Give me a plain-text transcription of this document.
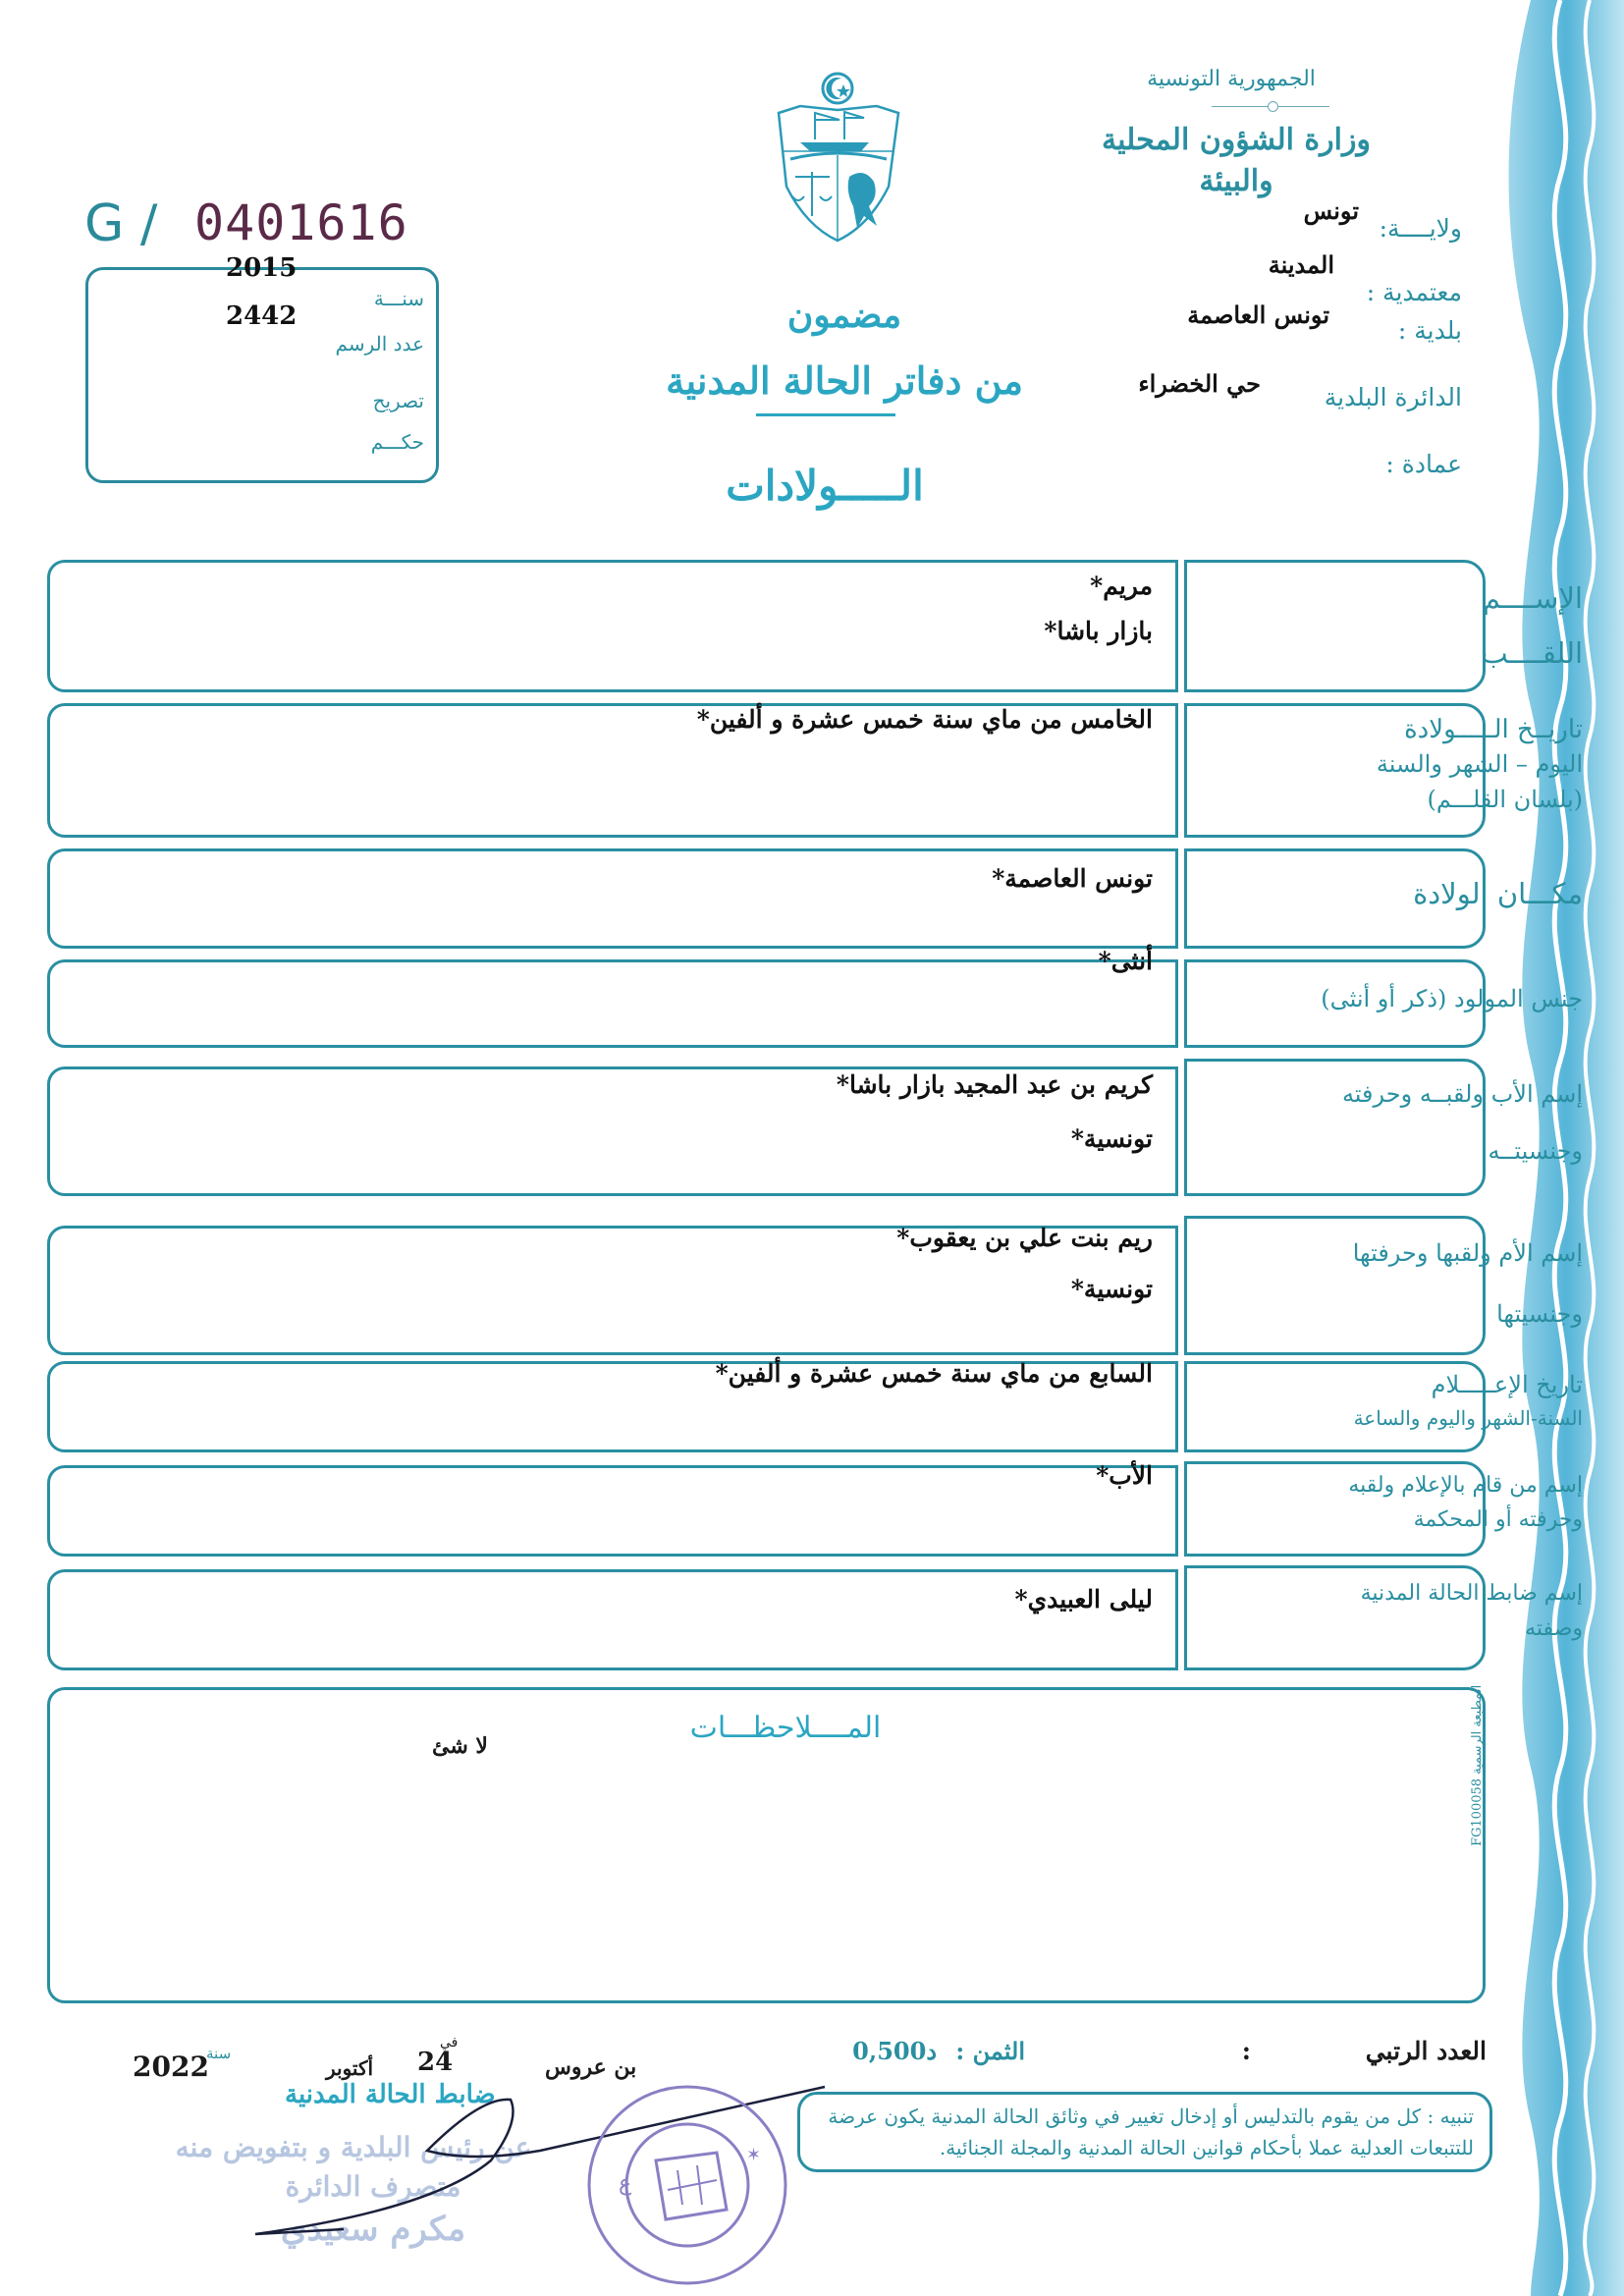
الجمهورية التونسية
وزارة الشؤون المحلية
والبيئة
ولايــــة:
تونس
معتمدية :
المدينة
بلدية :
تونس العاصمة
الدائرة البلدية
حي الخضراء
عمادة :
G / 0401616
2015
2442
سنـــة
عدد الرسم
تصريح
حكـــم
مضمون
من دفاتر الحالة المدنية
الـــــولادات
الإســــم
اللقــــب
مريم*
بازار باشا*
تاريــخ الـــــولادة
اليوم – الشهر والسنة
(بلسان القلـــم)
الخامس من ماي سنة خمس عشرة و ألفين*
مكـــان الولادة
تونس العاصمة*
جنس المولود (ذكر أو أنثى)
أنثى*
إسم الأب ولقبــه وحرفته
وجنسيتــه
كريم بن عبد المجيد بازار باشا*
تونسية*
إسم الأم ولقبها وحرفتها
وجنسيتها
ريم بنت علي بن يعقوب*
تونسية*
تاريخ الإعـــــلام
السنة-الشهر واليوم والساعة
السابع من ماي سنة خمس عشرة و ألفين*
إسم من قام بالإعلام ولقبه
وحرفته أو المحكمة
الأب*
إسم ضابط الحالة المدنية
وصفته
ليلى العبيدي*
المــــلاحظـــات
لا شئ
المطبعة الرسمية FG100058
العدد الرتبي
:
الثمن :
0,500د
تنبيه : كل من يقوم بالتدليس أو إدخال تغيير في وثائق الحالة المدنية يكون عرضة للتتبعات العدلية عملا بأحكام قوانين الحالة المدنية والمجلة الجنائية.
بن عروس
في
24
أكتوبر
سنة
2022
ضابط الحالة المدنية
عن رئيس البلدية و بتفويض منه
متصرف الدائرة
مكرم سعيدي
ع
✶
